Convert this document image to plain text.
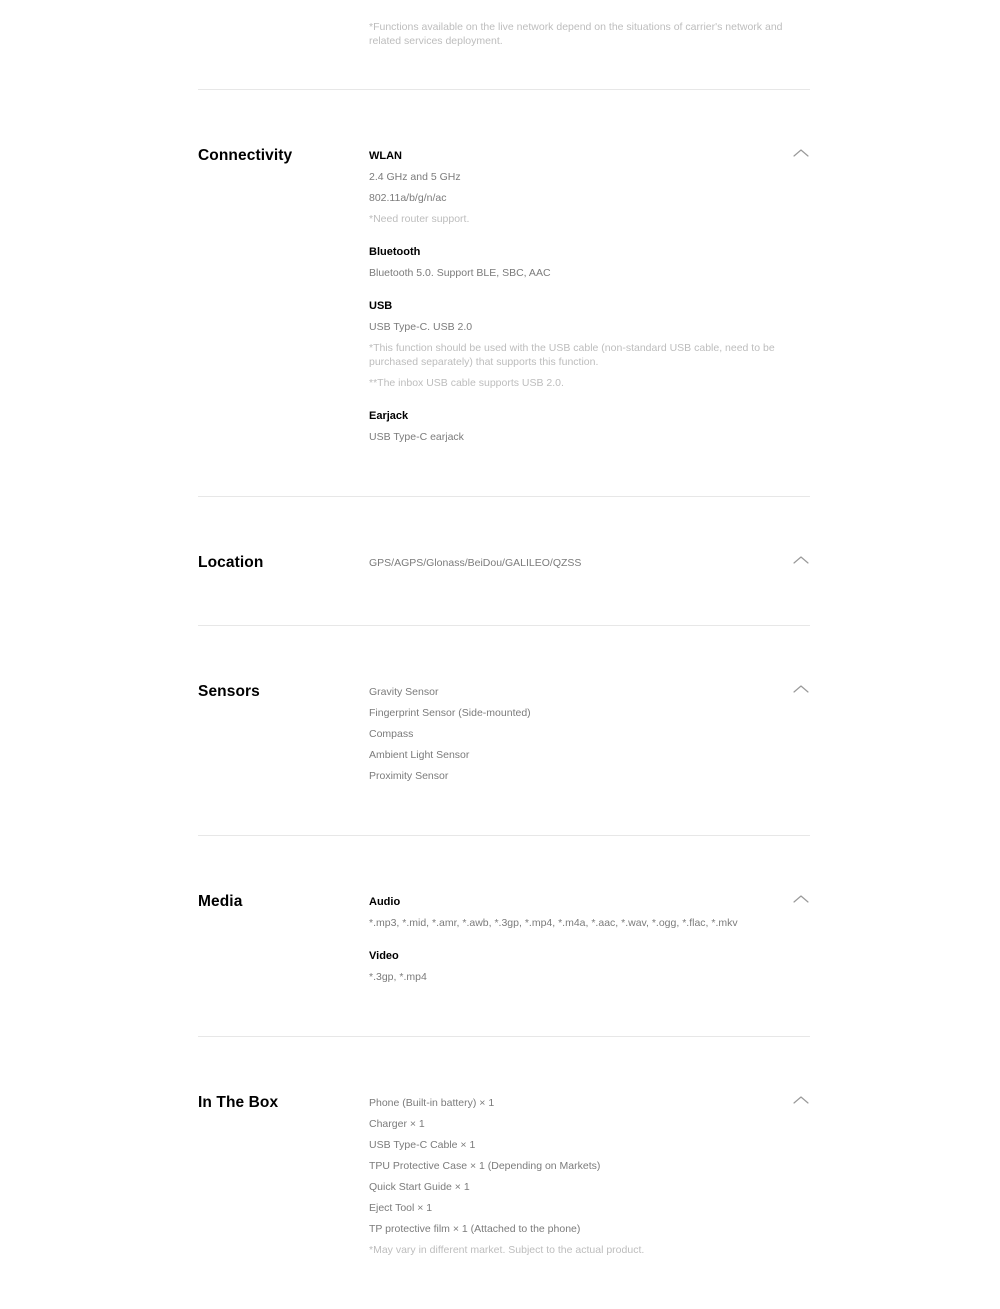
*Functions available on the live network depend on the situations of carrier's network and related services deployment.

Connectivity	WLAN

2.4 GHz and 5 GHz

802.11a/b/g/n/ac

*Need router support.

Bluetooth

Bluetooth 5.0. Support BLE, SBC, AAC

USB

USB Type-C. USB 2.0

*This function should be used with the USB cable (non-standard USB cable, need to be purchased separately) that supports this function.

**The inbox USB cable supports USB 2.0.

Earjack

USB Type-C earjack

Location	GPS/AGPS/Glonass/BeiDou/GALILEO/QZSS

Sensors	Gravity Sensor

Fingerprint Sensor (Side-mounted)

Compass

Ambient Light Sensor

Proximity Sensor

Media	Audio

*.mp3, *.mid, *.amr, *.awb, *.3gp, *.mp4, *.m4a, *.aac, *.wav, *.ogg, *.flac, *.mkv

Video

*.3gp, *.mp4

In The Box	Phone (Built-in battery) × 1

Charger × 1

USB Type-C Cable × 1

TPU Protective Case × 1 (Depending on Markets)

Quick Start Guide × 1

Eject Tool × 1

TP protective film × 1 (Attached to the phone)

*May vary in different market. Subject to the actual product.
